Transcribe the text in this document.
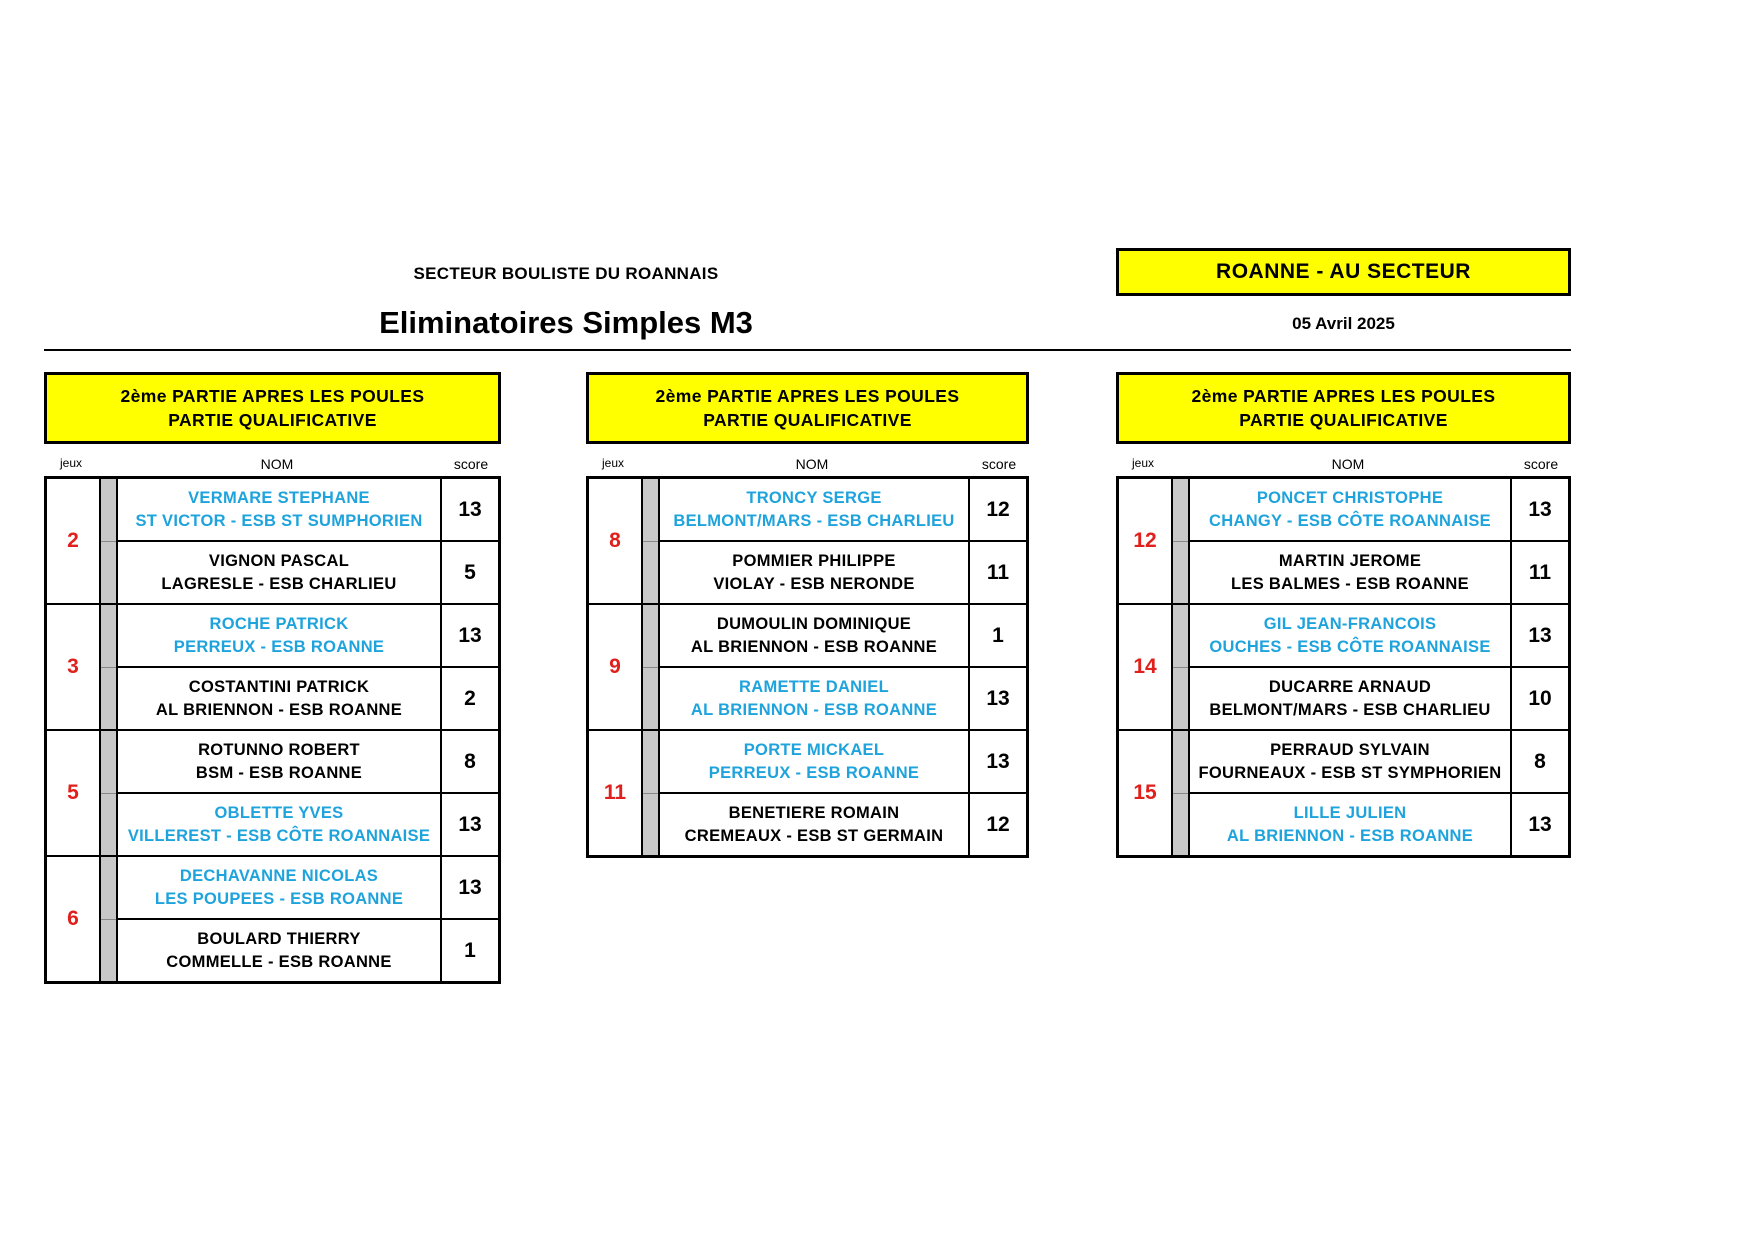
SECTEUR BOULISTE DU ROANNAIS
Eliminatoires Simples M3
ROANNE - AU SECTEUR
05 Avril 2025
2ème PARTIE APRES LES POULES
PARTIE QUALIFICATIVE
jeux	NOM	score
2
VERMARE STEPHANE
ST VICTOR - ESB ST SUMPHORIEN	13
VIGNON PASCAL
LAGRESLE - ESB CHARLIEU	5
3
ROCHE PATRICK
PERREUX - ESB ROANNE	13
COSTANTINI PATRICK
AL BRIENNON - ESB ROANNE	2
5
ROTUNNO ROBERT
BSM - ESB ROANNE	8
OBLETTE YVES
VILLEREST - ESB CÔTE ROANNAISE	13
6
DECHAVANNE NICOLAS
LES POUPEES - ESB ROANNE	13
BOULARD THIERRY
COMMELLE - ESB ROANNE	1
2ème PARTIE APRES LES POULES
PARTIE QUALIFICATIVE
jeux	NOM	score
8
TRONCY SERGE
BELMONT/MARS - ESB CHARLIEU	12
POMMIER PHILIPPE
VIOLAY - ESB NERONDE	11
9
DUMOULIN DOMINIQUE
AL BRIENNON - ESB ROANNE	1
RAMETTE DANIEL
AL BRIENNON - ESB ROANNE	13
11
PORTE MICKAEL
PERREUX - ESB ROANNE	13
BENETIERE ROMAIN
CREMEAUX - ESB ST GERMAIN	12
2ème PARTIE APRES LES POULES
PARTIE QUALIFICATIVE
jeux	NOM	score
12
PONCET CHRISTOPHE
CHANGY - ESB CÔTE ROANNAISE	13
MARTIN JEROME
LES BALMES - ESB ROANNE	11
14
GIL JEAN-FRANCOIS
OUCHES - ESB CÔTE ROANNAISE	13
DUCARRE ARNAUD
BELMONT/MARS - ESB CHARLIEU	10
15
PERRAUD SYLVAIN
FOURNEAUX - ESB ST SYMPHORIEN	8
LILLE JULIEN
AL BRIENNON - ESB ROANNE	13
